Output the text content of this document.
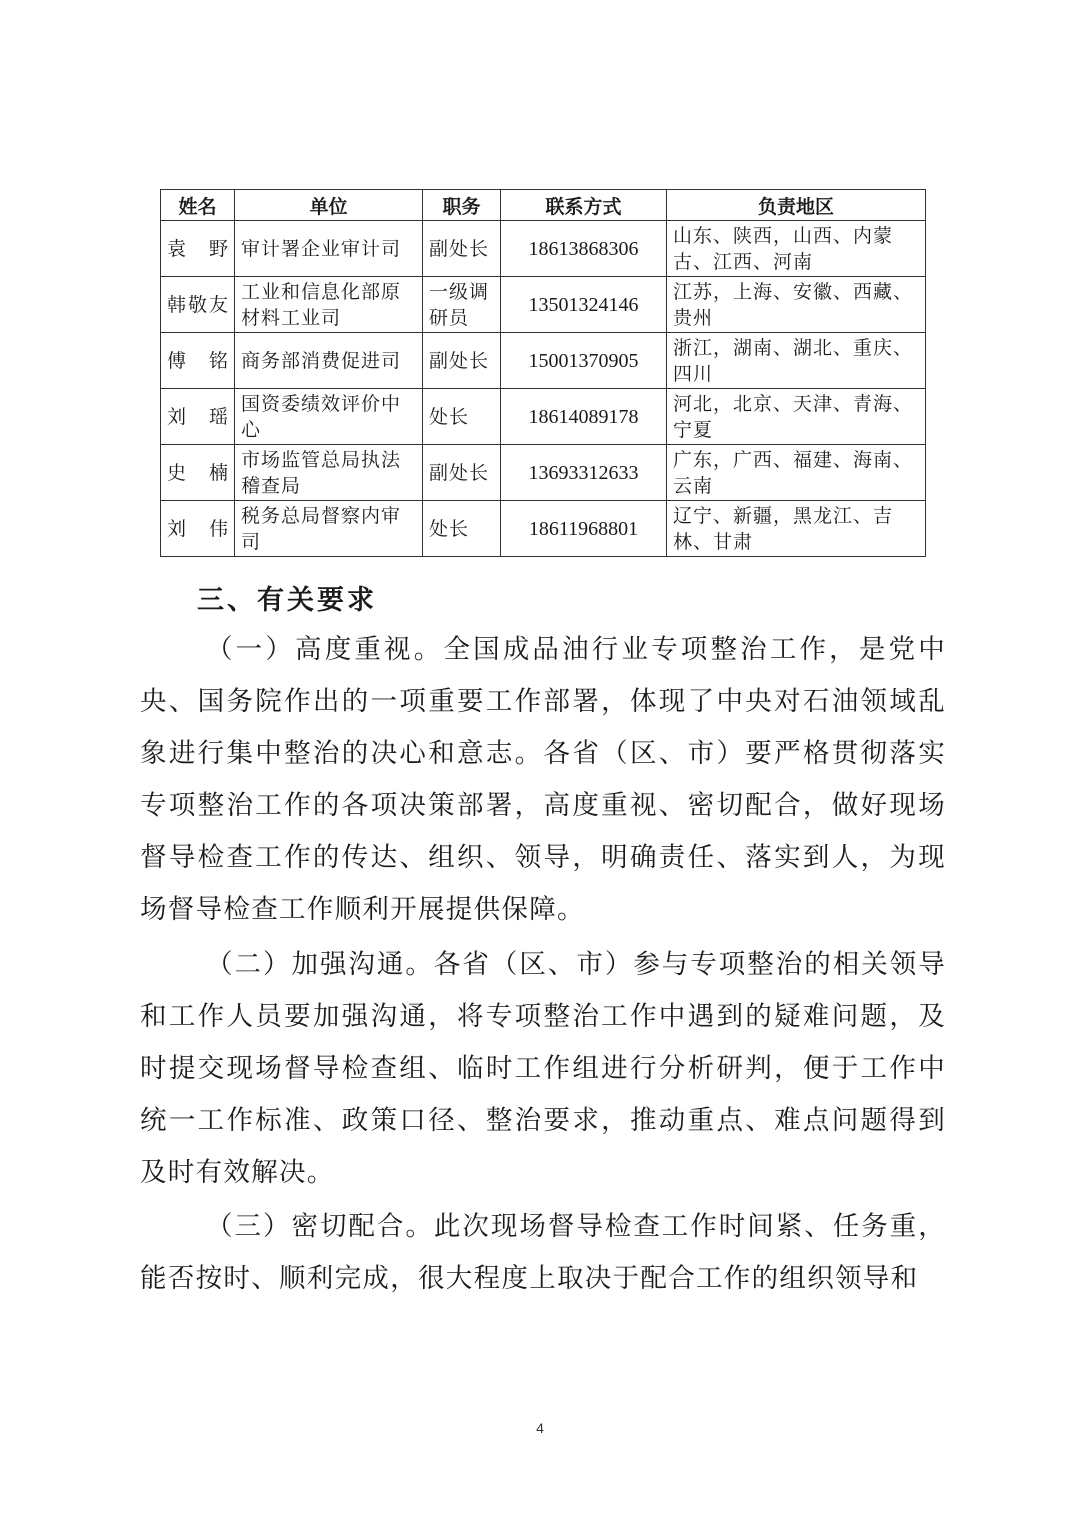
姓名	单位	职务	联系方式	负责地区
袁　野	审计署企业审计司	副处长	18613868306	山东、陕西，山西、内蒙古、江西、河南
韩敬友	工业和信息化部原材料工业司	一级调研员	13501324146	江苏，上海、安徽、西藏、贵州
傅　铭	商务部消费促进司	副处长	15001370905	浙江，湖南、湖北、重庆、四川
刘　瑶	国资委绩效评价中心	处长	18614089178	河北，北京、天津、青海、宁夏
史　楠	市场监管总局执法稽查局	副处长	13693312633	广东，广西、福建、海南、云南
刘　伟	税务总局督察内审司	处长	18611968801	辽宁、新疆，黑龙江、吉林、甘肃
三、有关要求

（一）高度重视。全国成品油行业专项整治工作，是党中央、国务院作出的一项重要工作部署，体现了中央对石油领域乱象进行集中整治的决心和意志。各省（区、市）要严格贯彻落实专项整治工作的各项决策部署，高度重视、密切配合，做好现场督导检查工作的传达、组织、领导，明确责任、落实到人，为现场督导检查工作顺利开展提供保障。

（二）加强沟通。各省（区、市）参与专项整治的相关领导和工作人员要加强沟通，将专项整治工作中遇到的疑难问题，及时提交现场督导检查组、临时工作组进行分析研判，便于工作中统一工作标准、政策口径、整治要求，推动重点、难点问题得到及时有效解决。

（三）密切配合。此次现场督导检查工作时间紧、任务重，能否按时、顺利完成，很大程度上取决于配合工作的组织领导和

4
